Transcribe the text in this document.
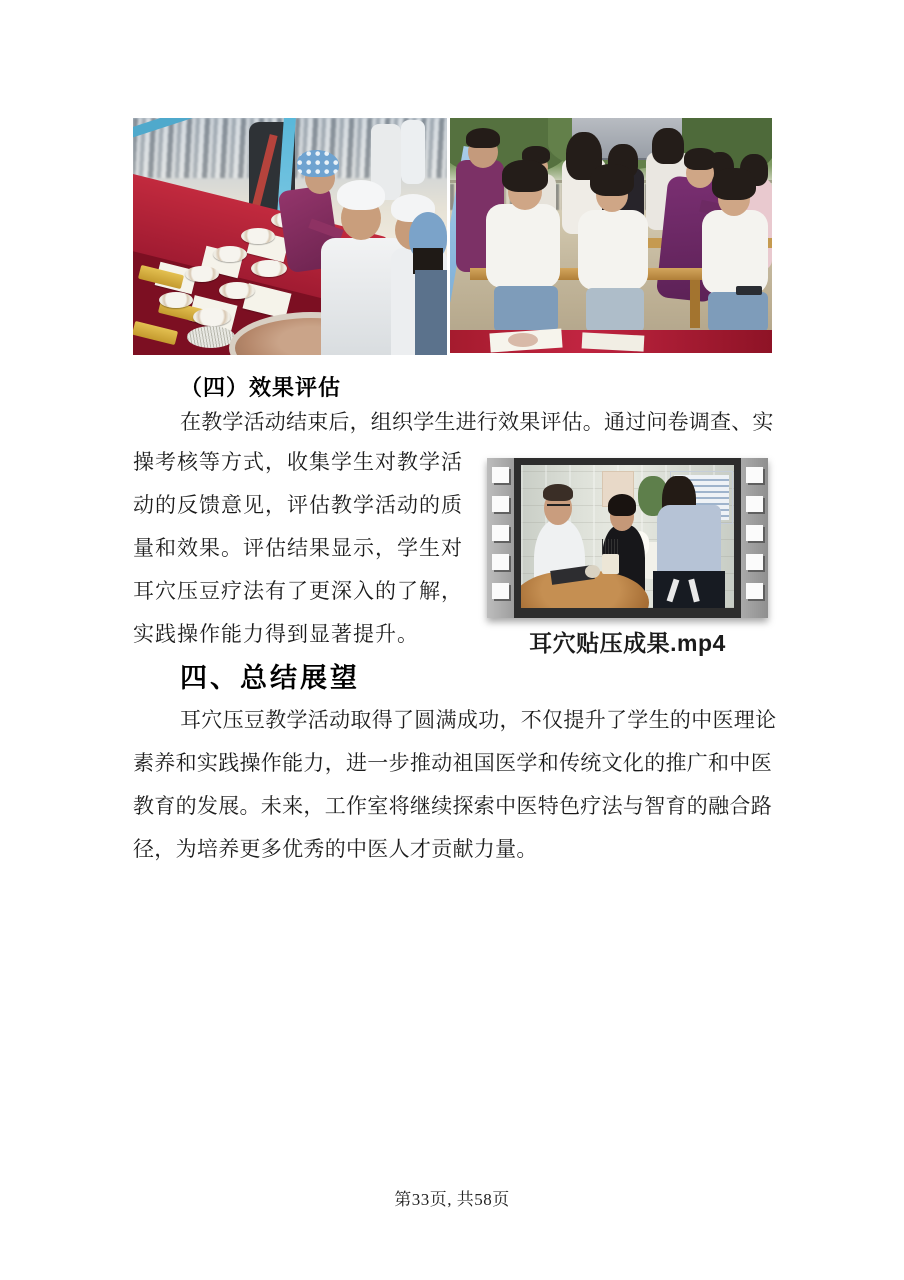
（四）效果评估
在教学活动结束后，组织学生进行效果评估。通过问卷调查、实
操考核等方式，收集学生对教学活
动的反馈意见，评估教学活动的质
量和效果。评估结果显示，学生对
耳穴压豆疗法有了更深入的了解，
实践操作能力得到显著提升。	耳穴贴压成果.mp4
四、总结展望
耳穴压豆教学活动取得了圆满成功，不仅提升了学生的中医理论
素养和实践操作能力，进一步推动祖国医学和传统文化的推广和中医
教育的发展。未来，工作室将继续探索中医特色疗法与智育的融合路
径，为培养更多优秀的中医人才贡献力量。
第33页, 共58页
